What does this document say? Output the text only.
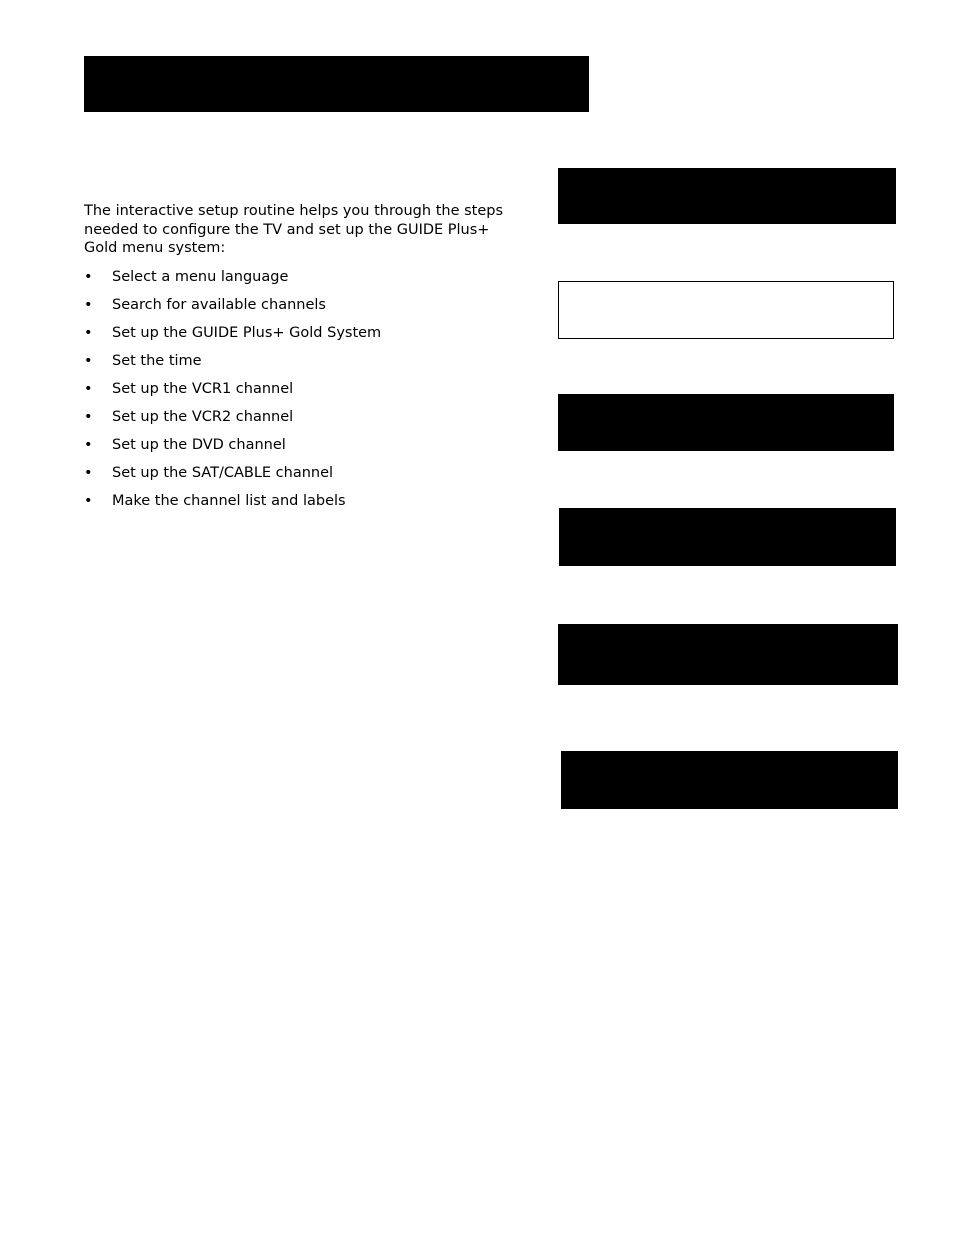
The interactive setup routine helps you through the steps needed to configure the TV and set up the GUIDE Plus+ Gold menu system:

• Select a menu language
• Search for available channels
• Set up the GUIDE Plus+ Gold System
• Set the time
• Set up the VCR1 channel
• Set up the VCR2 channel
• Set up the DVD channel
• Set up the SAT/CABLE channel
• Make the channel list and labels
